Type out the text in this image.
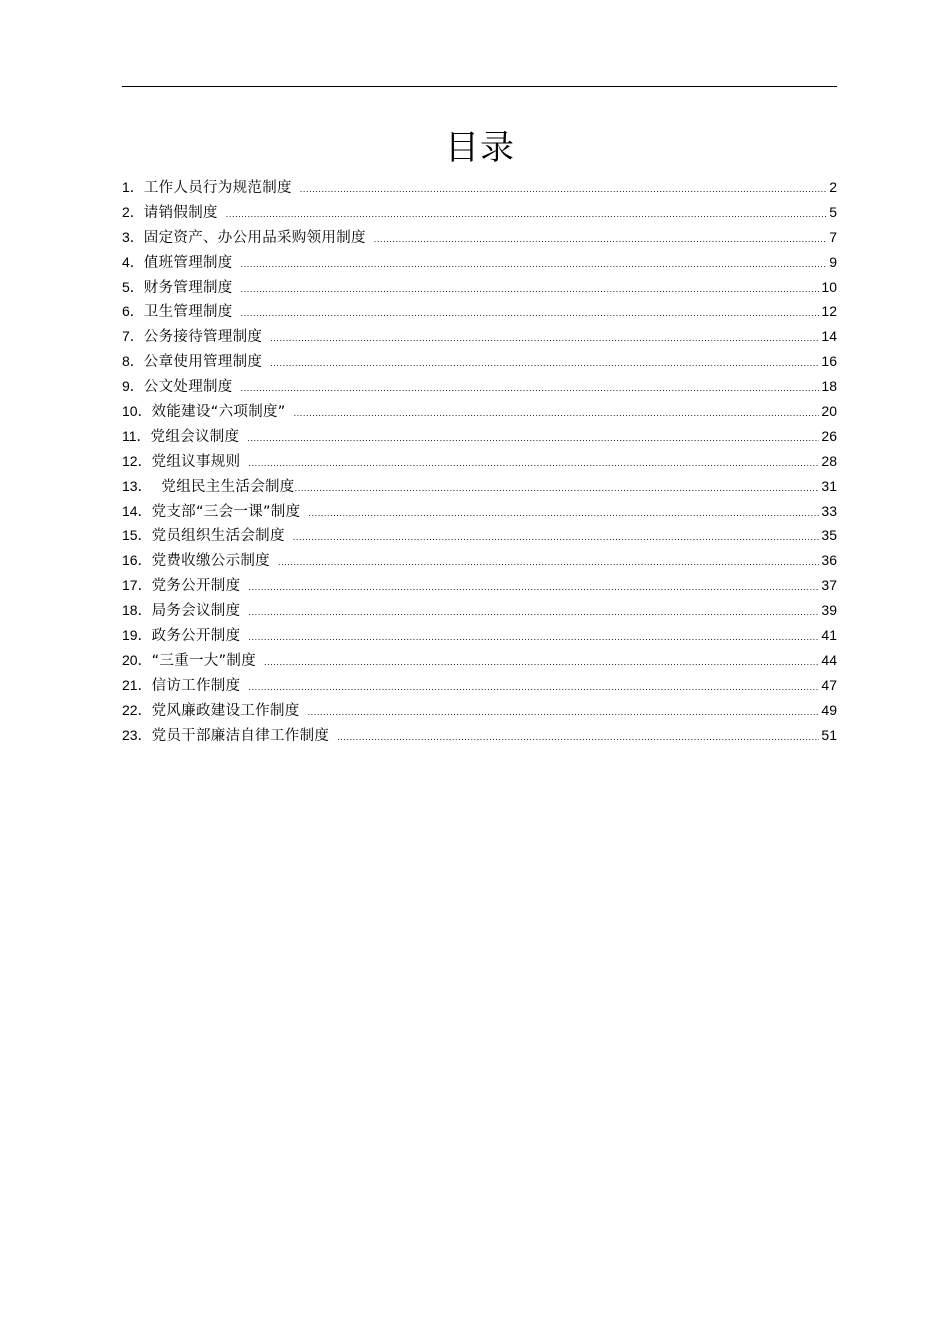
目录
1． 工作人员行为规范制度 .....	2
2． 请销假制度 .....	5
3． 固定资产、办公用品采购领用制度 .....	7
4． 值班管理制度 .....	9
5． 财务管理制度 .....	10
6． 卫生管理制度 .....	12
7． 公务接待管理制度 .....	14
8． 公章使用管理制度 .....	16
9． 公文处理制度 .....	18
10． 效能建设“六项制度” .....	20
11． 党组会议制度 .....	26
12． 党组议事规则 .....	28
13． 党组民主生活会制度 .....	31
14． 党支部“三会一课”制度 .....	33
15． 党员组织生活会制度 .....	35
16． 党费收缴公示制度 .....	36
17． 党务公开制度 .....	37
18． 局务会议制度 .....	39
19． 政务公开制度 .....	41
20． “三重一大”制度 .....	44
21． 信访工作制度 .....	47
22． 党风廉政建设工作制度 .....	49
23． 党员干部廉洁自律工作制度 .....	51
